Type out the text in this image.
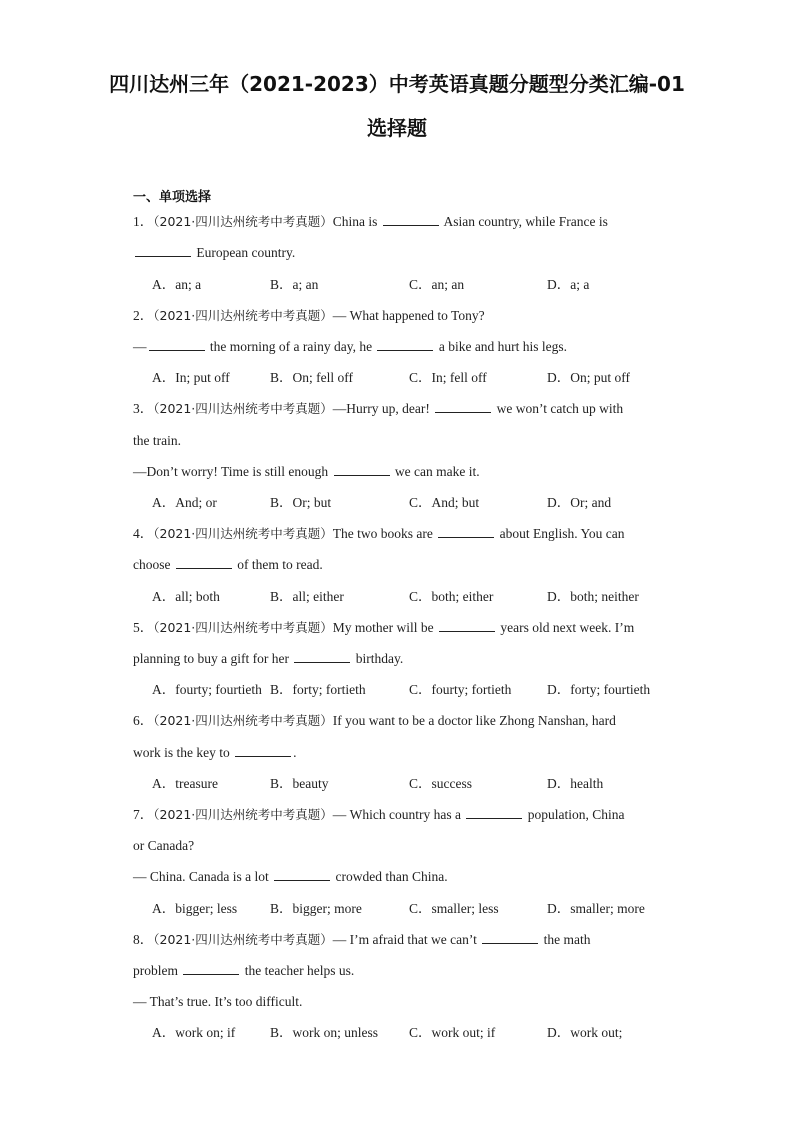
四川达州三年（2021-2023）中考英语真题分题型分类汇编-01
选择题
一、单项选择
1．（2021·四川达州统考中考真题）China is	Asian country, while France is
European country.
A．an; a	B．a; an	C．an; an	D．a; a
2．（2021·四川达州统考中考真题）— What happened to Tony?
—	the morning of a rainy day, he	a bike and hurt his legs.
A．In; put off	B．On; fell off	C．In; fell off	D．On; put off
3．（2021·四川达州统考中考真题）—Hurry up, dear!	we won’t catch up with
the train.
—Don’t worry! Time is still enough	we can make it.
A．And; or	B．Or; but	C．And; but	D．Or; and
4．（2021·四川达州统考中考真题）The two books are	about English. You can
choose	of them to read.
A．all; both	B．all; either	C．both; either	D．both; neither
5．（2021·四川达州统考中考真题）My mother will be	years old next week. I’m
planning to buy a gift for her	birthday.
A．fourty; fourtieth B．forty; fortieth	C．fourty; fortieth	D．forty; fourtieth
6．（2021·四川达州统考中考真题）If you want to be a doctor like Zhong Nanshan, hard
work is the key to	.
A．treasure	B．beauty	C．success	D．health
7．（2021·四川达州统考中考真题）— Which country has a	population, China
or Canada?
— China. Canada is a lot	crowded than China.
A．bigger; less B．bigger; more	C．smaller; less	D．smaller; more
8．（2021·四川达州统考中考真题）— I’m afraid that we can’t	the math
problem	the teacher helps us.
— That’s true. It’s too difficult.
A．work on; if	B．work on; unless C．work out; if	D．work out;
